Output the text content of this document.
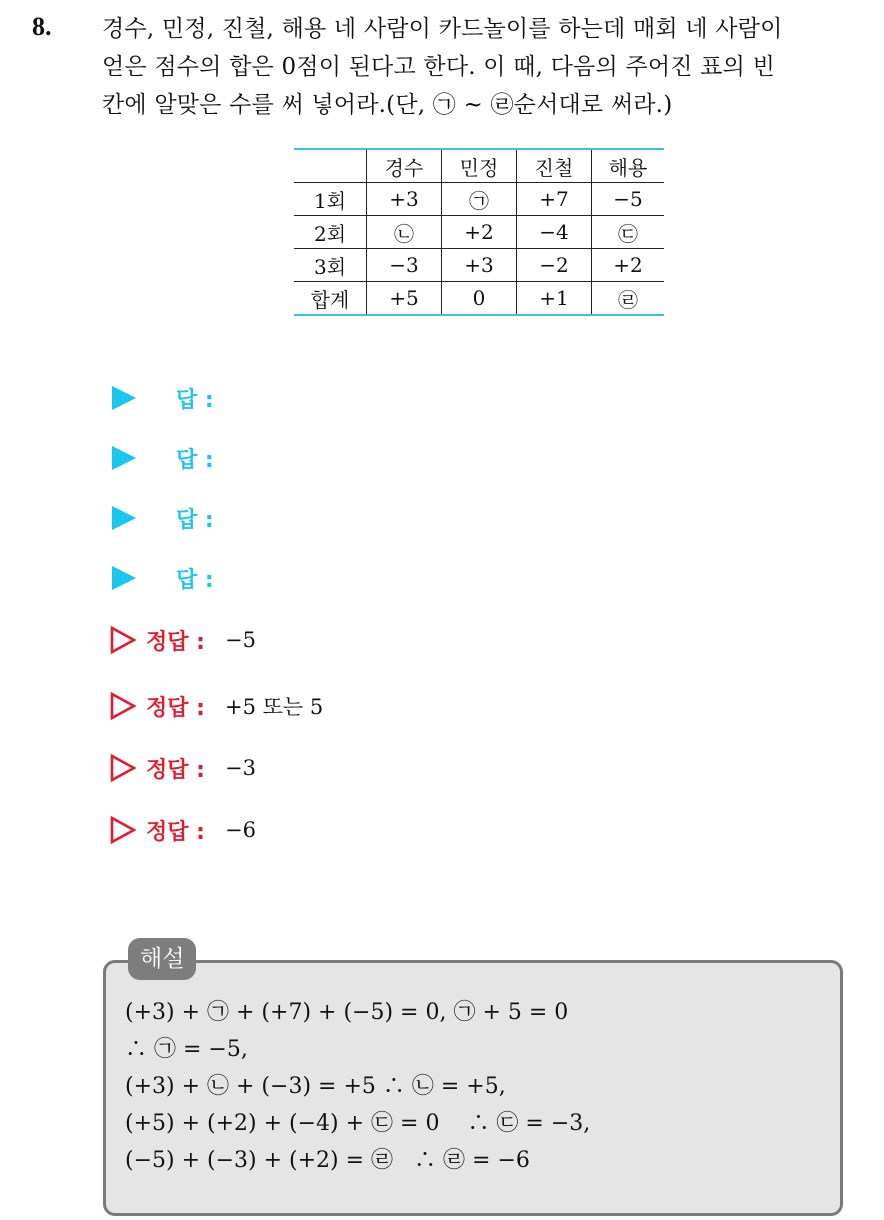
8. 경수, 민정, 진철, 해용 네 사람이 카드놀이를 하는데 매회 네 사람이

얻은 점수의 합은 0점이 된다고 한다. 이 때, 다음의 주어진 표의 빈

칸에 알맞은 수를 써 넣어라.(단, ㉠ ~ ㉣순서대로 써라.)

	경수	민정	진철	해용
1회	+3	㉠	+7	−5
2회	㉡	+2	−4	㉢
3회	−3	+3	−2	+2
합계	+5	0	+1	㉣
답 :
답 :
답 :
답 :
정답 : −5
정답 : +5 또는 5
정답 : −3
정답 : −6
해설

(+3) + ㉠ + (+7) + (−5) = 0, ㉠ + 5 = 0

∴ ㉠ = −5,

(+3) + ㉡ + (−3) = +5 ∴ ㉡ = +5,

(+5) + (+2) + (−4) + ㉢ = 0    ∴ ㉢ = −3,

(−5) + (−3) + (+2) = ㉣   ∴ ㉣ = −6
